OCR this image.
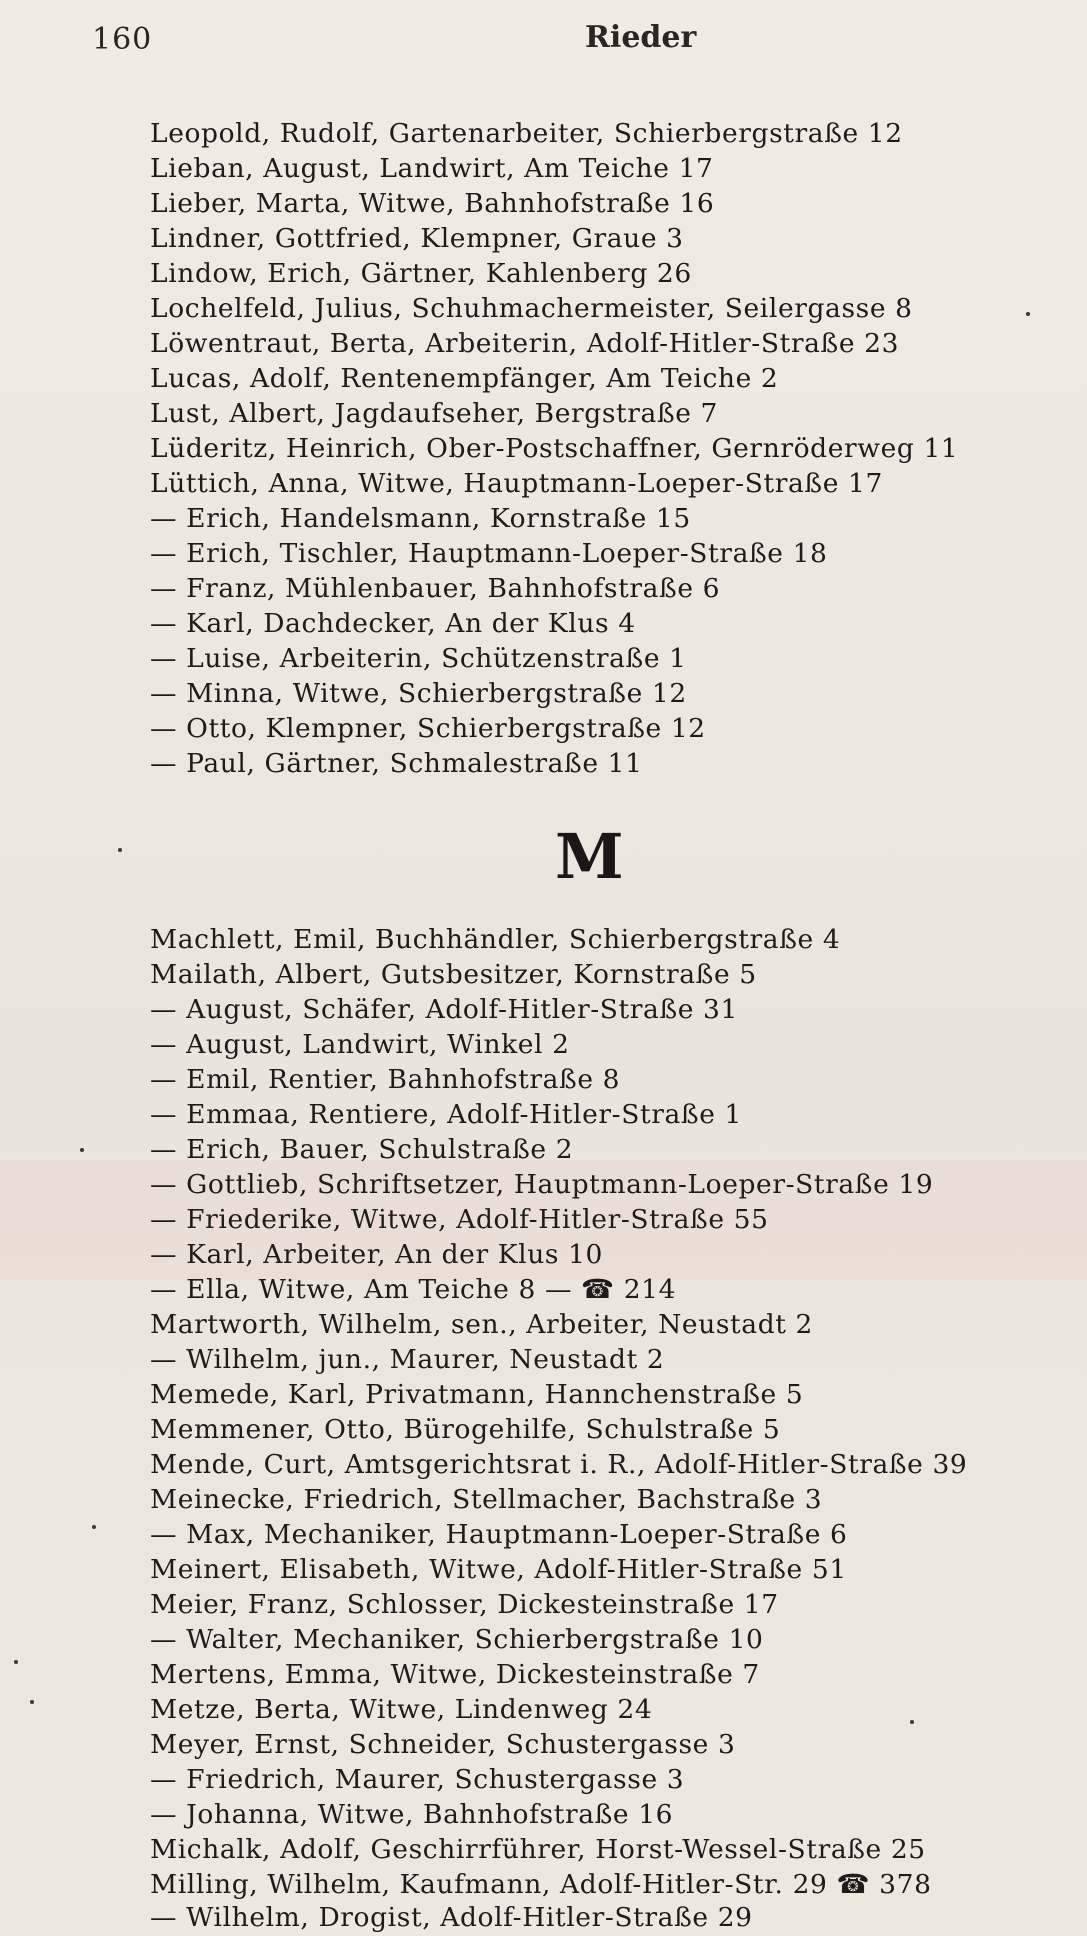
160	Rieder
Leopold, Rudolf, Gartenarbeiter, Schierbergstraße 12
Lieban, August, Landwirt, Am Teiche 17
Lieber, Marta, Witwe, Bahnhofstraße 16
Lindner, Gottfried, Klempner, Graue 3
Lindow, Erich, Gärtner, Kahlenberg 26
Lochelfeld, Julius, Schuhmachermeister, Seilergasse 8
Löwentraut, Berta, Arbeiterin, Adolf-Hitler-Straße 23
Lucas, Adolf, Rentenempfänger, Am Teiche 2
Lust, Albert, Jagdaufseher, Bergstraße 7
Lüderitz, Heinrich, Ober-Postschaffner, Gernröderweg 11
Lüttich, Anna, Witwe, Hauptmann-Loeper-Straße 17
— Erich, Handelsmann, Kornstraße 15
— Erich, Tischler, Hauptmann-Loeper-Straße 18
— Franz, Mühlenbauer, Bahnhofstraße 6
— Karl, Dachdecker, An der Klus 4
— Luise, Arbeiterin, Schützenstraße 1
— Minna, Witwe, Schierbergstraße 12
— Otto, Klempner, Schierbergstraße 12
— Paul, Gärtner, Schmalestraße 11
M
Machlett, Emil, Buchhändler, Schierbergstraße 4
Mailath, Albert, Gutsbesitzer, Kornstraße 5
— August, Schäfer, Adolf-Hitler-Straße 31
— August, Landwirt, Winkel 2
— Emil, Rentier, Bahnhofstraße 8
— Emmaa, Rentiere, Adolf-Hitler-Straße 1
— Erich, Bauer, Schulstraße 2
— Gottlieb, Schriftsetzer, Hauptmann-Loeper-Straße 19
— Friederike, Witwe, Adolf-Hitler-Straße 55
— Karl, Arbeiter, An der Klus 10
— Ella, Witwe, Am Teiche 8 — ☎ 214
Martworth, Wilhelm, sen., Arbeiter, Neustadt 2
— Wilhelm, jun., Maurer, Neustadt 2
Memede, Karl, Privatmann, Hannchenstraße 5
Memmener, Otto, Bürogehilfe, Schulstraße 5
Mende, Curt, Amtsgerichtsrat i. R., Adolf-Hitler-Straße 39
Meinecke, Friedrich, Stellmacher, Bachstraße 3
— Max, Mechaniker, Hauptmann-Loeper-Straße 6
Meinert, Elisabeth, Witwe, Adolf-Hitler-Straße 51
Meier, Franz, Schlosser, Dickesteinstraße 17
— Walter, Mechaniker, Schierbergstraße 10
Mertens, Emma, Witwe, Dickesteinstraße 7
Metze, Berta, Witwe, Lindenweg 24
Meyer, Ernst, Schneider, Schustergasse 3
— Friedrich, Maurer, Schustergasse 3
— Johanna, Witwe, Bahnhofstraße 16
Michalk, Adolf, Geschirrführer, Horst-Wessel-Straße 25
Milling, Wilhelm, Kaufmann, Adolf-Hitler-Str. 29 ☎ 378
— Wilhelm, Drogist, Adolf-Hitler-Straße 29
